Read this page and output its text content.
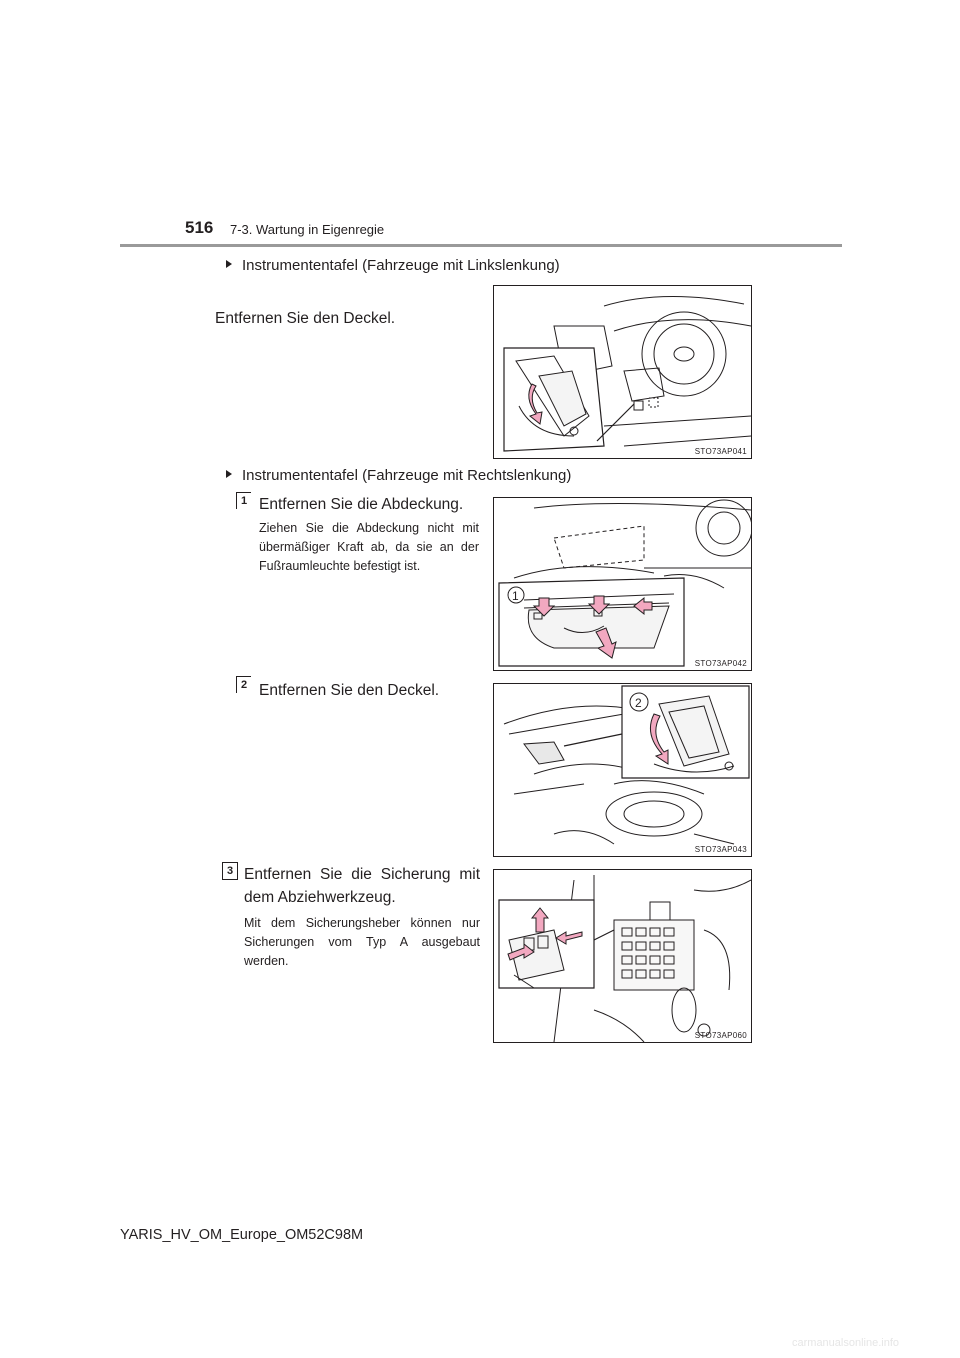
516 7-3. Wartung in Eigenregie
Instrumententafel (Fahrzeuge mit Linkslenkung)
Entfernen Sie den Deckel.
STO73AP041
Instrumententafel (Fahrzeuge mit Rechtslenkung)
1 Entfernen Sie die Abdeckung.
Ziehen Sie die Abdeckung nicht mit übermäßiger Kraft ab, da sie an der Fußraumleuchte befestigt ist.
1
STO73AP042
2 Entfernen Sie den Deckel.
2
STO73AP043
3 Entfernen Sie die Sicherung mit dem Abziehwerkzeug.
Mit dem Sicherungsheber können nur Sicherungen vom Typ A ausgebaut werden.
STO73AP060
YARIS_HV_OM_Europe_OM52C98M
carmanualsonline.info
